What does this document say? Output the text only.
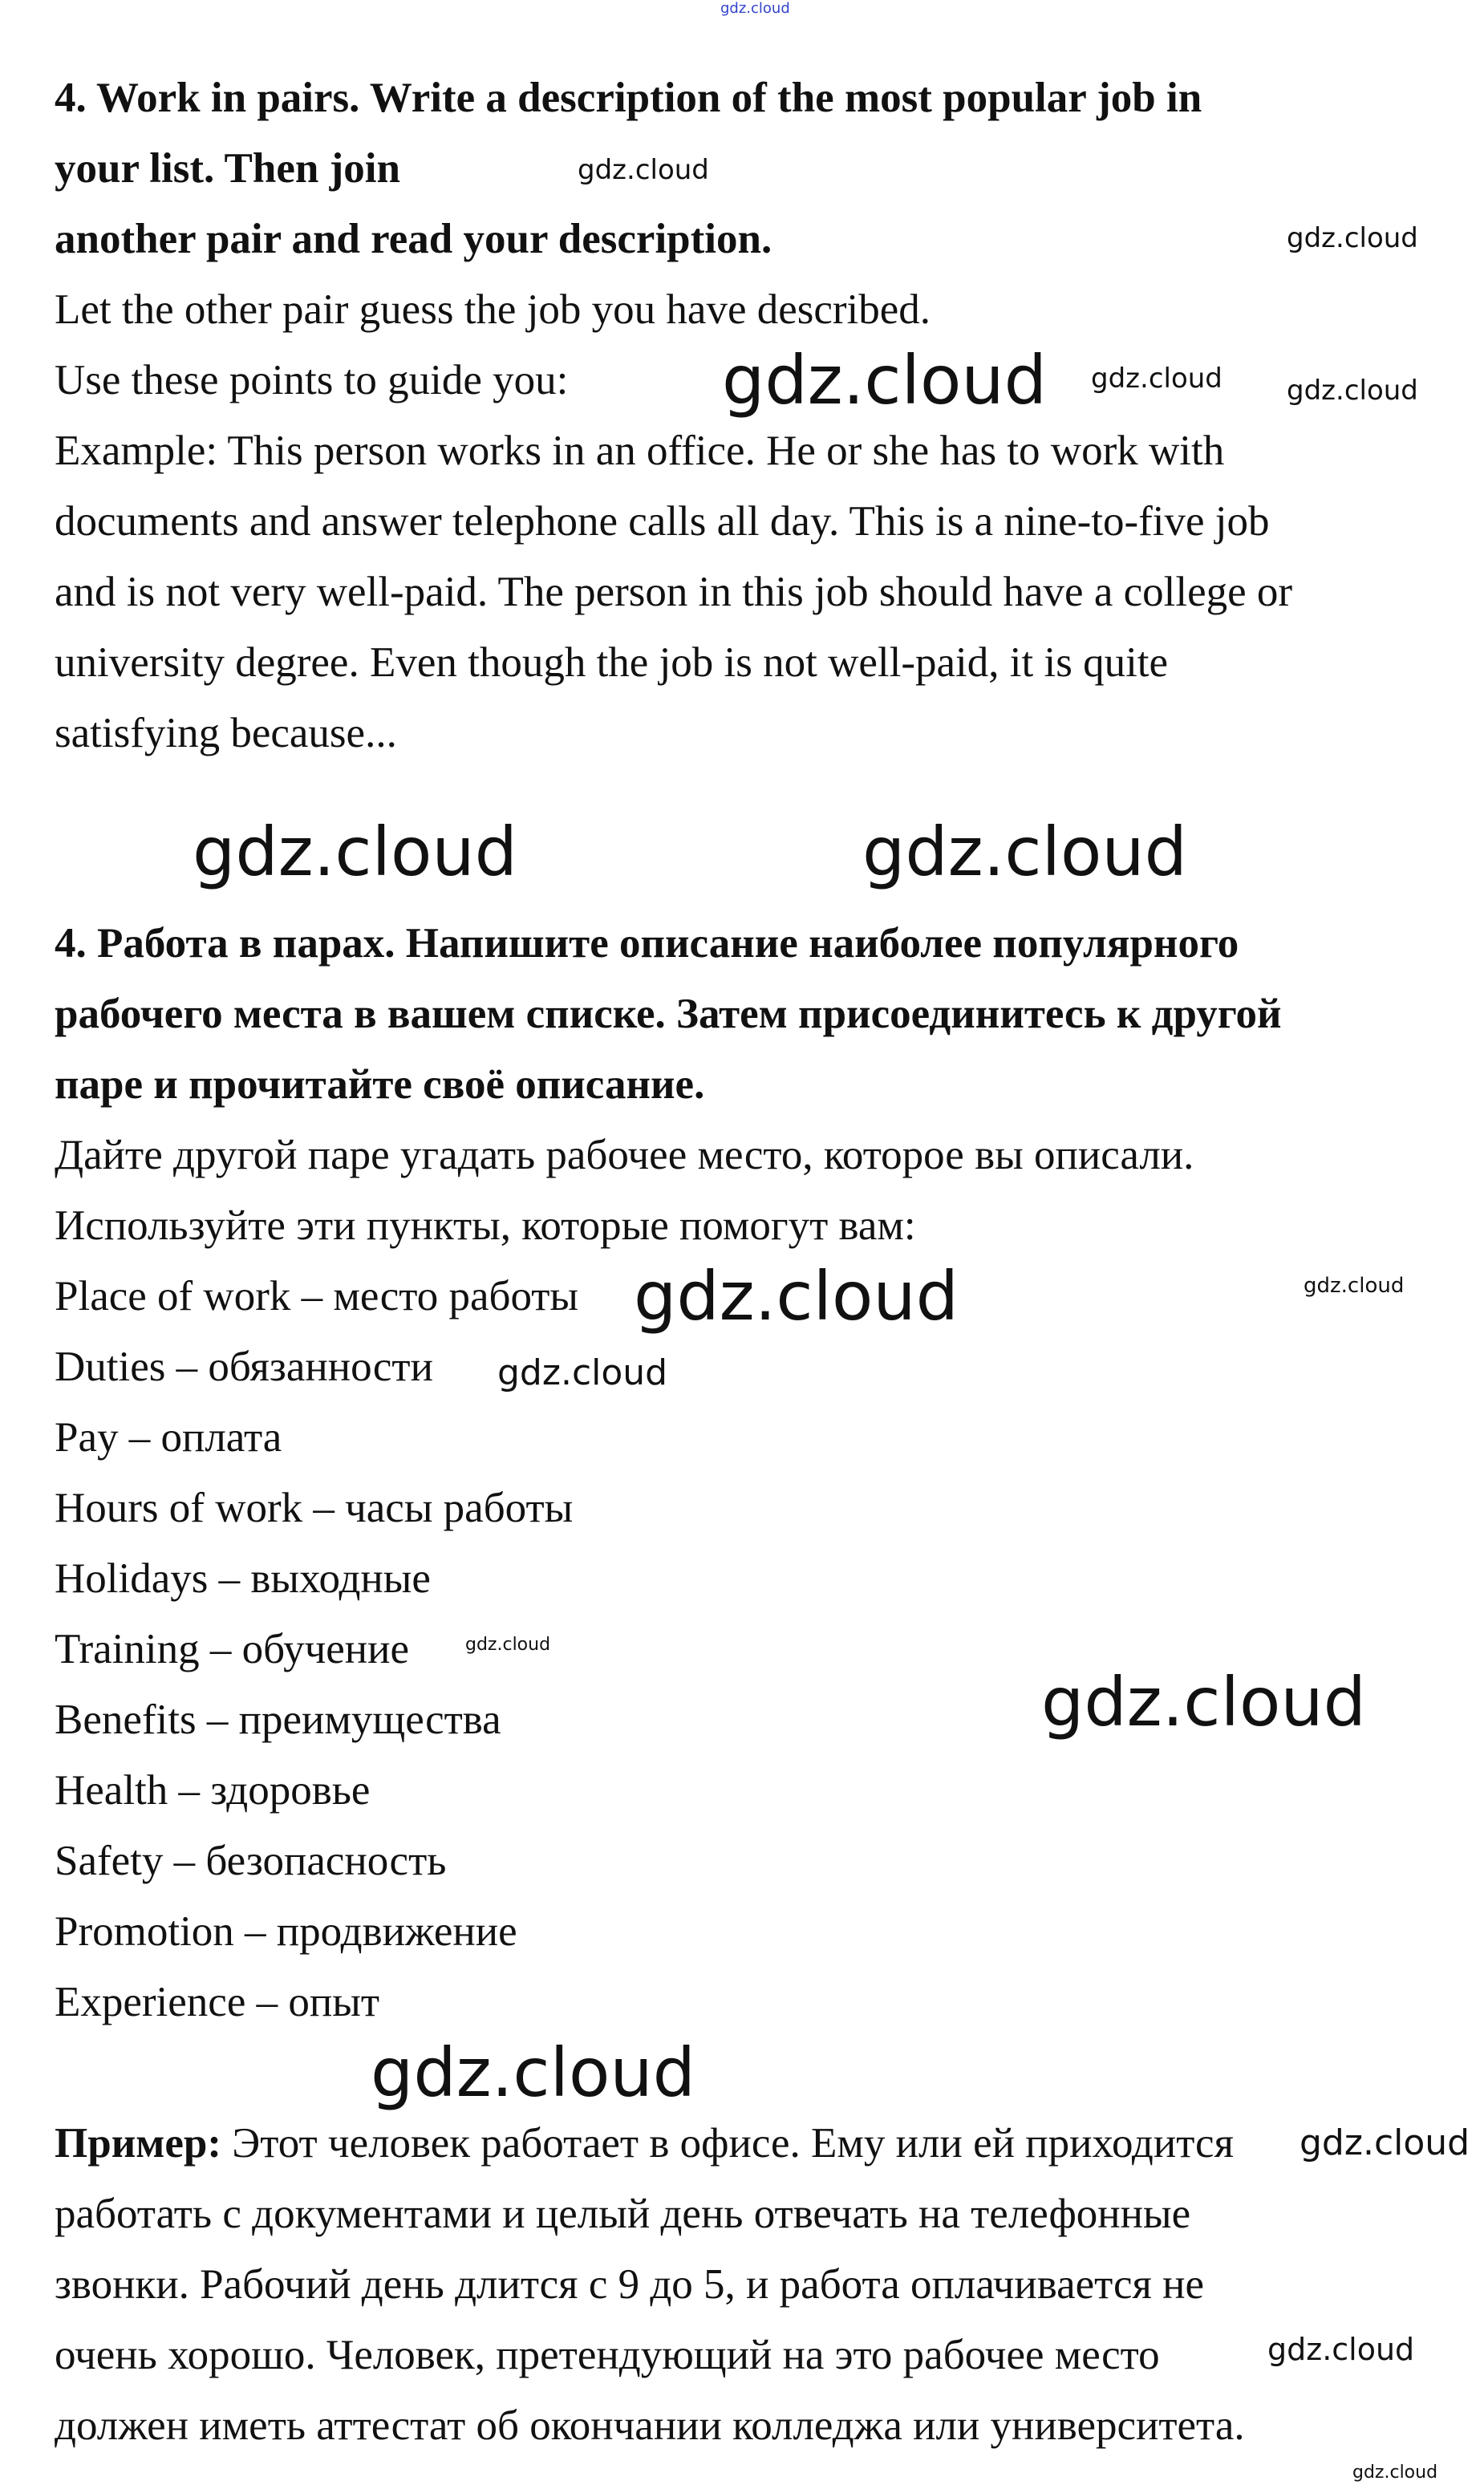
4. Work in pairs. Write a description of the most popular job in
your list. Then join
another pair and read your description.
Let the other pair guess the job you have described.
Use these points to guide you:
Example: This person works in an office. He or she has to work with
documents and answer telephone calls all day. This is a nine-to-five job
and is not very well-paid. The person in this job should have a college or
university degree. Even though the job is not well-paid, it is quite
satisfying because...
4. Работа в парах. Напишите описание наиболее популярного
рабочего места в вашем списке. Затем присоединитесь к другой
паре и прочитайте своё описание.
Дайте другой паре угадать рабочее место, которое вы описали.
Используйте эти пункты, которые помогут вам:
Place of work – место работы
Duties – обязанности
Pay – оплата
Hours of work – часы работы
Holidays – выходные
Training – обучение
Benefits – преимущества
Health – здоровье
Safety – безопасность
Promotion – продвижение
Experience – опыт
Пример: Этот человек работает в офисе. Ему или ей приходится
работать с документами и целый день отвечать на телефонные
звонки. Рабочий день длится с 9 до 5, и работа оплачивается не
очень хорошо. Человек, претендующий на это рабочее место
должен иметь аттестат об окончании колледжа или университета.
gdz.cloud
gdz.cloud
gdz.cloud
gdz.cloud gdz.cloud gdz.cloud
gdz.cloud	gdz.cloud
gdz.cloud
gdz.cloud
gdz.cloud
gdz.cloud
gdz.cloud
gdz.cloud
gdz.cloud
gdz.cloud
gdz.cloud
